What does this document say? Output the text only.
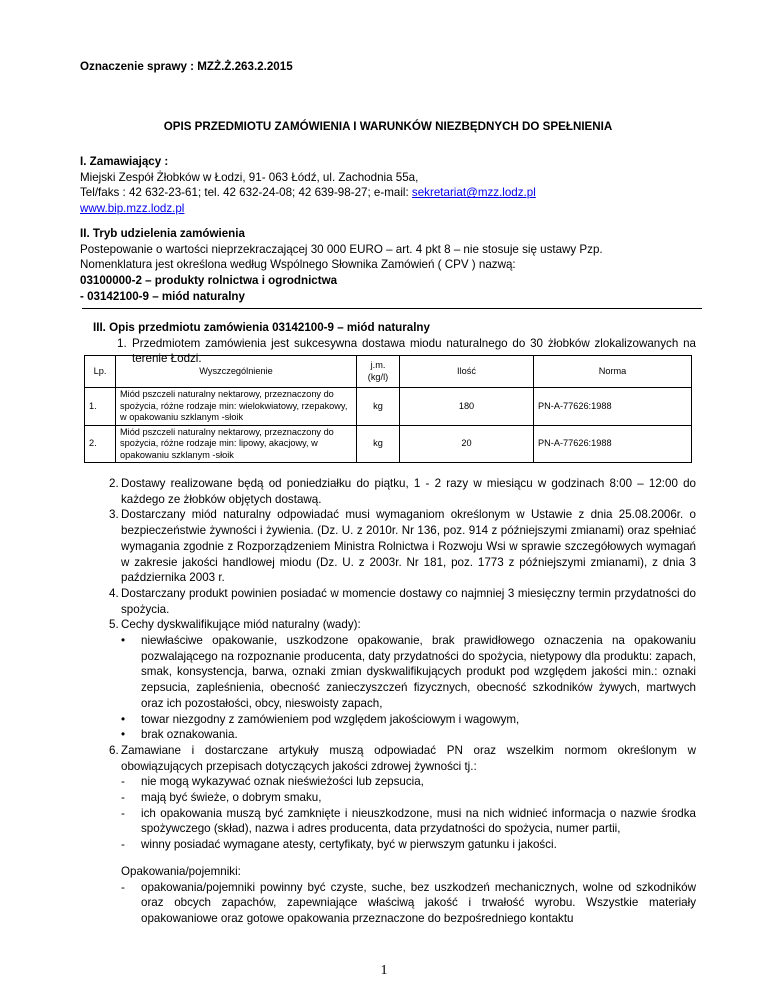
Oznaczenie sprawy : MZŻ.Ż.263.2.2015
OPIS PRZEDMIOTU ZAMÓWIENIA I WARUNKÓW NIEZBĘDNYCH DO SPEŁNIENIA
I. Zamawiający :
Miejski Zespół Żłobków w Łodzi, 91- 063 Łódź, ul. Zachodnia 55a,
Tel/faks : 42 632-23-61; tel. 42 632-24-08; 42 639-98-27; e-mail: sekretariat@mzz.lodz.pl
www.bip.mzz.lodz.pl
II. Tryb udzielenia zamówienia
Postepowanie o wartości nieprzekraczającej 30 000 EURO – art. 4 pkt 8 – nie stosuje się ustawy Pzp.
Nomenklatura jest określona według Wspólnego Słownika Zamówień ( CPV ) nazwą:
03100000-2 – produkty rolnictwa i ogrodnictwa
- 03142100-9 – miód naturalny
III. Opis przedmiotu zamówienia 03142100-9 – miód naturalny
1. Przedmiotem zamówienia jest sukcesywna dostawa miodu naturalnego do 30 żłobków zlokalizowanych na terenie Łodzi.
Lp.	Wyszczególnienie	j.m. (kg/l)	Ilość	Norma
1.	Miód pszczeli naturalny nektarowy, przeznaczony do spożycia, różne rodzaje min: wielokwiatowy, rzepakowy, w opakowaniu szklanym -słoik	kg	180	PN-A-77626:1988
2.	Miód pszczeli naturalny nektarowy, przeznaczony do spożycia, różne rodzaje min: lipowy, akacjowy, w opakowaniu szklanym -słoik	kg	20	PN-A-77626:1988
2. Dostawy realizowane będą od poniedziałku do piątku, 1 - 2 razy w miesiącu w godzinach 8:00 – 12:00 do każdego ze żłobków objętych dostawą.
3. Dostarczany miód naturalny odpowiadać musi wymaganiom określonym w Ustawie z dnia 25.08.2006r. o bezpieczeństwie żywności i żywienia. (Dz. U. z 2010r. Nr 136, poz. 914 z późniejszymi zmianami) oraz spełniać wymagania zgodnie z Rozporządzeniem Ministra Rolnictwa i Rozwoju Wsi w sprawie szczegółowych wymagań w zakresie jakości handlowej miodu (Dz. U. z 2003r. Nr 181, poz. 1773 z późniejszymi zmianami), z dnia 3 października 2003 r.
4. Dostarczany produkt powinien posiadać w momencie dostawy co najmniej 3 miesięczny termin przydatności do spożycia.
5. Cechy dyskwalifikujące miód naturalny (wady):
• niewłaściwe opakowanie, uszkodzone opakowanie, brak prawidłowego oznaczenia na opakowaniu pozwalającego na rozpoznanie producenta, daty przydatności do spożycia, nietypowy dla produktu: zapach, smak, konsystencja, barwa, oznaki zmian dyskwalifikujących produkt pod względem jakości min.: oznaki zepsucia, zapleśnienia, obecność zanieczyszczeń fizycznych, obecność szkodników żywych, martwych oraz ich pozostałości, obcy, nieswoisty zapach,
• towar niezgodny z zamówieniem pod względem jakościowym i wagowym,
• brak oznakowania.
6. Zamawiane i dostarczane artykuły muszą odpowiadać PN oraz wszelkim normom określonym w obowiązujących przepisach dotyczących jakości zdrowej żywności tj.:
- nie mogą wykazywać oznak nieświeżości lub zepsucia,
- mają być świeże, o dobrym smaku,
- ich opakowania muszą być zamknięte i nieuszkodzone, musi na nich widnieć informacja o nazwie środka spożywczego (skład), nazwa i adres producenta, data przydatności do spożycia, numer partii,
- winny posiadać wymagane atesty, certyfikaty, być w pierwszym gatunku i jakości.
Opakowania/pojemniki:
- opakowania/pojemniki powinny być czyste, suche, bez uszkodzeń mechanicznych, wolne od szkodników oraz obcych zapachów, zapewniające właściwą jakość i trwałość wyrobu. Wszystkie materiały opakowaniowe oraz gotowe opakowania przeznaczone do bezpośredniego kontaktu
1
